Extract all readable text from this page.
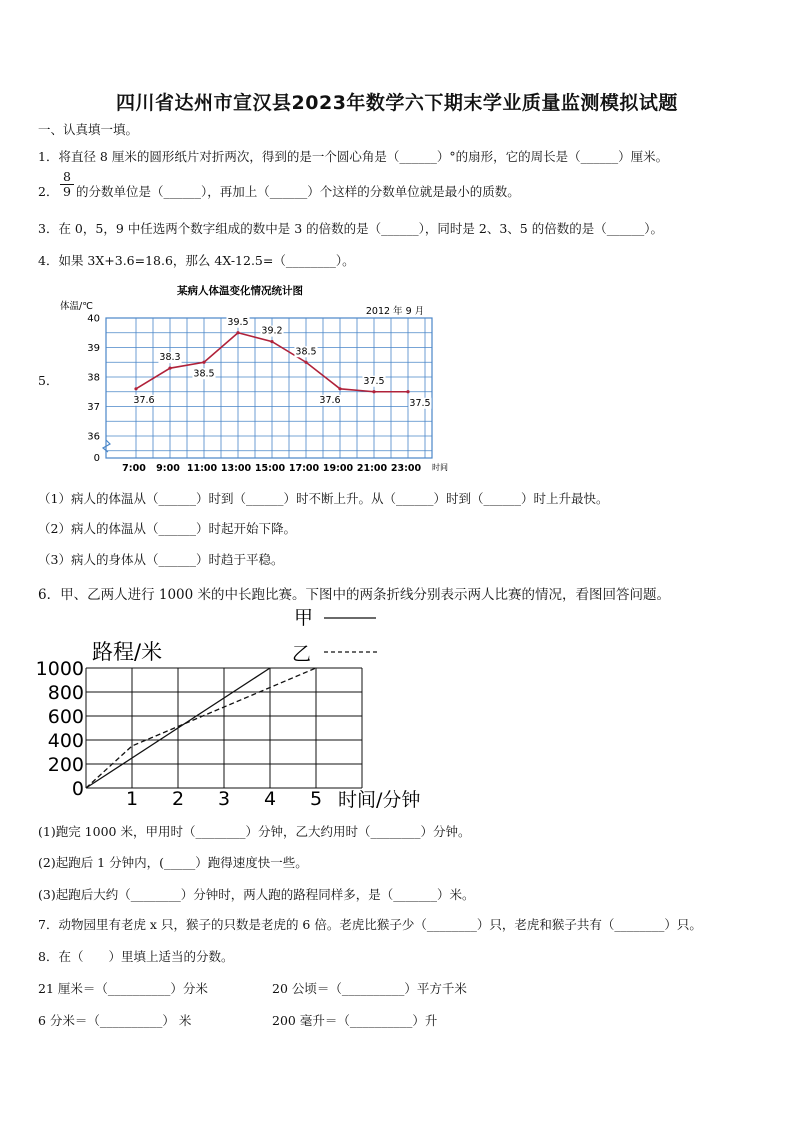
四川省达州市宣汉县2023年数学六下期末学业质量监测模拟试题
一、认真填一填。
1．将直径 8 厘米的圆形纸片对折两次，得到的是一个圆心角是（______）°的扇形，它的周长是（______）厘米。
2． $\frac{8}{9}$ 的分数单位是（______），再加上（______）个这样的分数单位就是最小的质数。
3．在 0，5，9 中任选两个数字组成的数中是 3 的倍数的是（______），同时是 2、3、5 的倍数的是（______）。
4．如果 3X+3.6=18.6，那么 4X-12.5=（________）。
5．
某病人体温变化情况统计图
2012 年 9 月
体温/℃
时间
40
39
38
37
36
0
7:00 9:00 11:00 13:00 15:00 17:00 19:00 21:00 23:00
37.6
38.3
38.5
39.5
39.2
38.5
37.6
37.5
37.5
（1）病人的体温从（______）时到（______）时不断上升。从（______）时到（______）时上升最快。
（2）病人的体温从（______）时起开始下降。
（3）病人的身体从（______）时趋于平稳。
6．甲、乙两人进行 1000 米的中长跑比赛。下图中的两条折线分别表示两人比赛的情况，看图回答问题。
路程/米
时间/分钟
甲
乙
1000
800
600
400
200
0 1 2 3 4 5
(1)跑完 1000 米，甲用时（________）分钟，乙大约用时（________）分钟。
(2)起跑后 1 分钟内，(_____）跑得速度快一些。
(3)起跑后大约（________）分钟时，两人跑的路程同样多，是（_______）米。
7．动物园里有老虎 x 只，猴子的只数是老虎的 6 倍。老虎比猴子少（________）只，老虎和猴子共有（________）只。
8．在（　　）里填上适当的分数。
21 厘米＝（__________）分米	20 公顷＝（__________）平方千米
6 分米＝（__________） 米	200 毫升＝（__________）升
